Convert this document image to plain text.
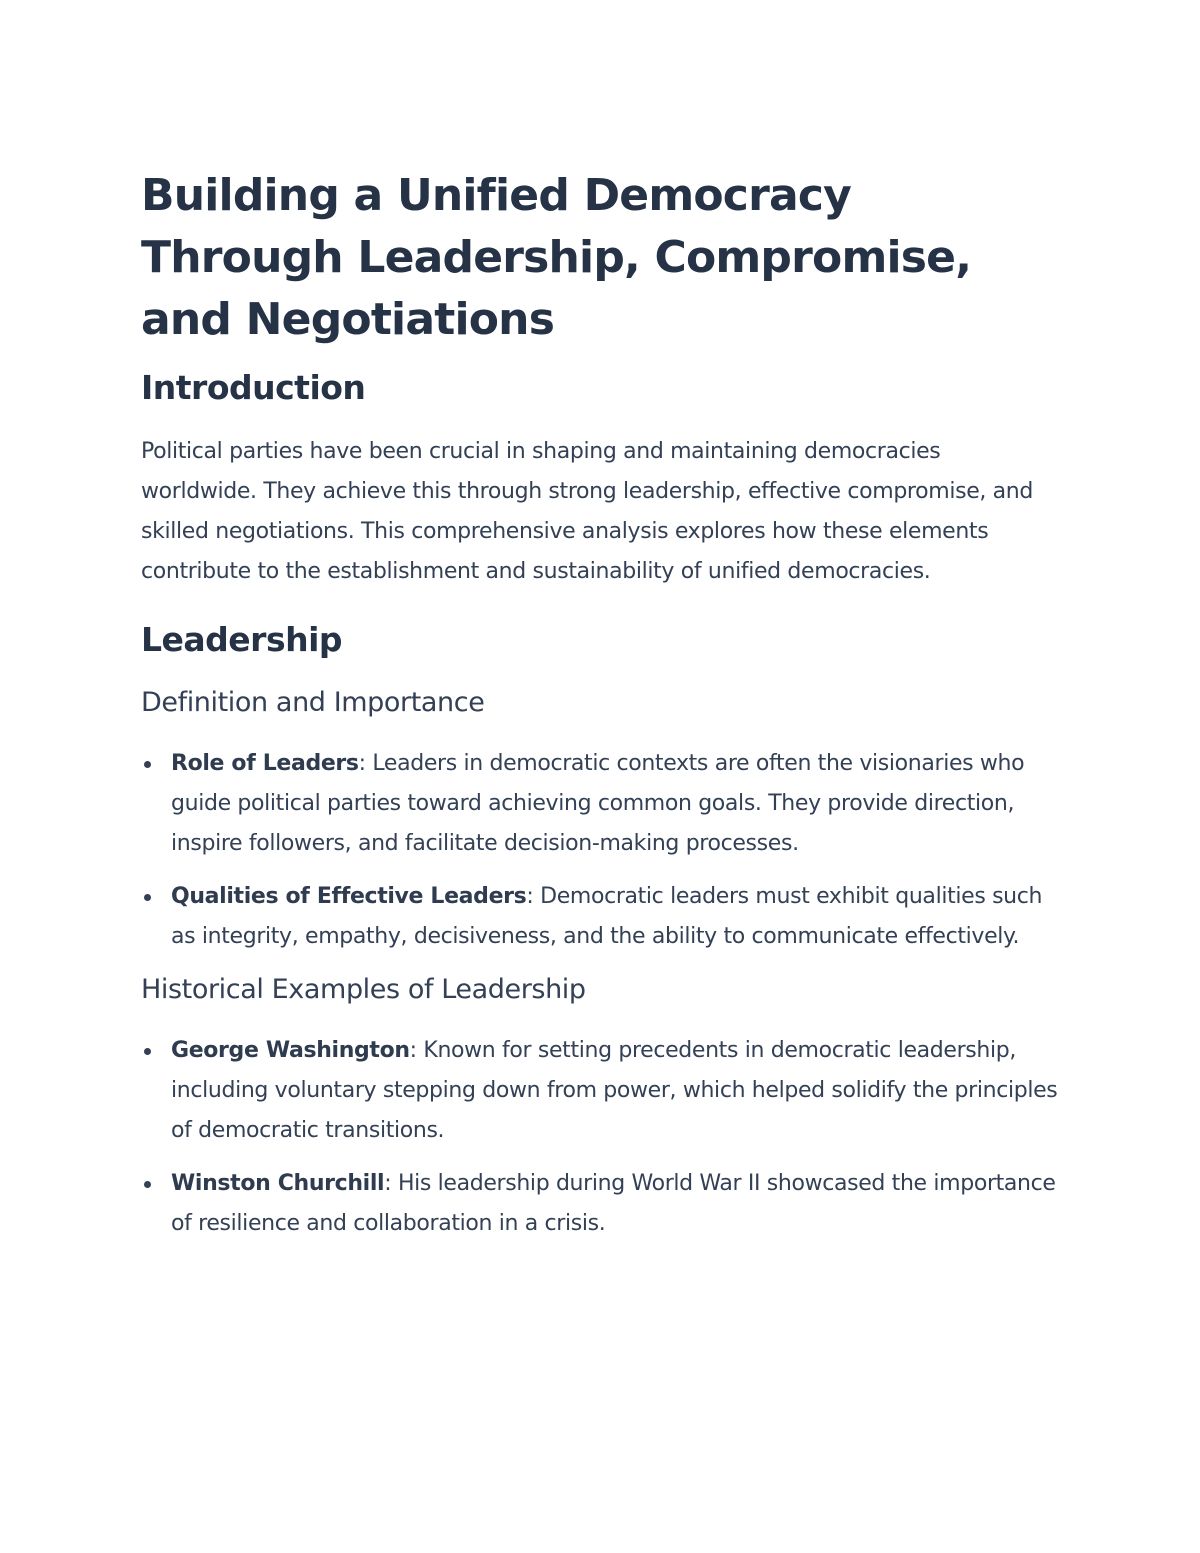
Building a Unified Democracy Through Leadership, Compromise, and Negotiations
Introduction

Political parties have been crucial in shaping and maintaining democracies worldwide. They achieve this through strong leadership, effective compromise, and skilled negotiations. This comprehensive analysis explores how these elements contribute to the establishment and sustainability of unified democracies.

Leadership
Definition and Importance
Role of Leaders: Leaders in democratic contexts are often the visionaries who guide political parties toward achieving common goals. They provide direction, inspire followers, and facilitate decision-making processes.
Qualities of Effective Leaders: Democratic leaders must exhibit qualities such as integrity, empathy, decisiveness, and the ability to communicate effectively.
Historical Examples of Leadership
George Washington: Known for setting precedents in democratic leadership, including voluntary stepping down from power, which helped solidify the principles of democratic transitions.
Winston Churchill: His leadership during World War II showcased the importance of resilience and collaboration in a crisis.
